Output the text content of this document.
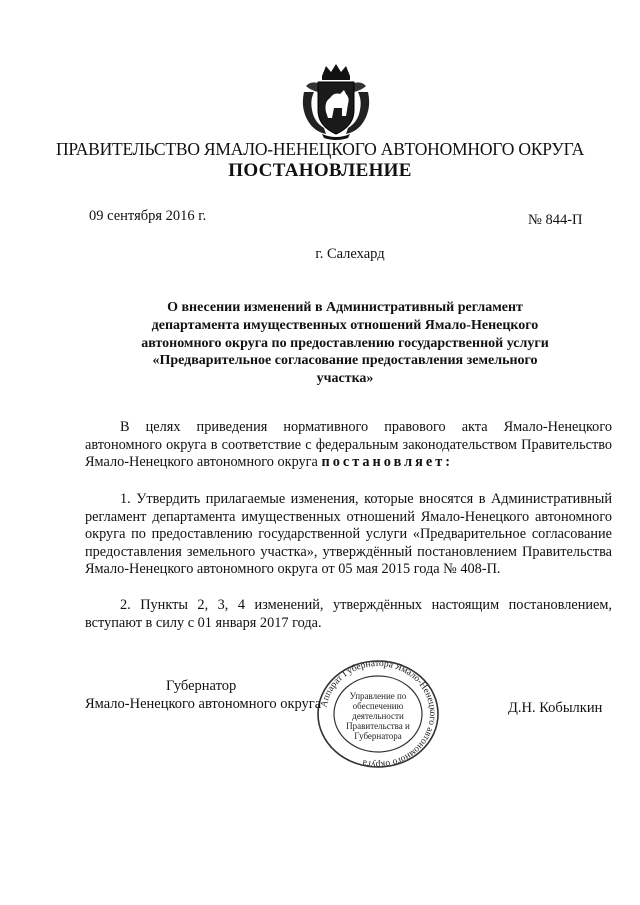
ПРАВИТЕЛЬСТВО ЯМАЛО-НЕНЕЦКОГО АВТОНОМНОГО ОКРУГА
ПОСТАНОВЛЕНИЕ
09 сентября 2016 г.	№ 844-П
г. Салехард
О внесении изменений в Административный регламент департамента имущественных отношений Ямало-Ненецкого автономного округа по предоставлению государственной услуги «Предварительное согласование предоставления земельного участка»
В целях приведения нормативного правового акта Ямало-Ненецкого автономного округа в соответствие с федеральным законодательством Правительство Ямало-Ненецкого автономного округа постановляет:
1. Утвердить прилагаемые изменения, которые вносятся в Административный регламент департамента имущественных отношений Ямало-Ненецкого автономного округа по предоставлению государственной услуги «Предварительное согласование предоставления земельного участка», утверждённый постановлением Правительства Ямало-Ненецкого автономного округа от 05 мая 2015 года № 408-П.
2. Пункты 2, 3, 4 изменений, утверждённых настоящим постановлением, вступают в силу с 01 января 2017 года.
Аппарат Губернатора Ямало-Ненецкого автономного округа
Управление по обеспечению деятельности Правительства и Губернатора
Губернатор
Ямало-Ненецкого автономного округа	Д.Н. Кобылкин
